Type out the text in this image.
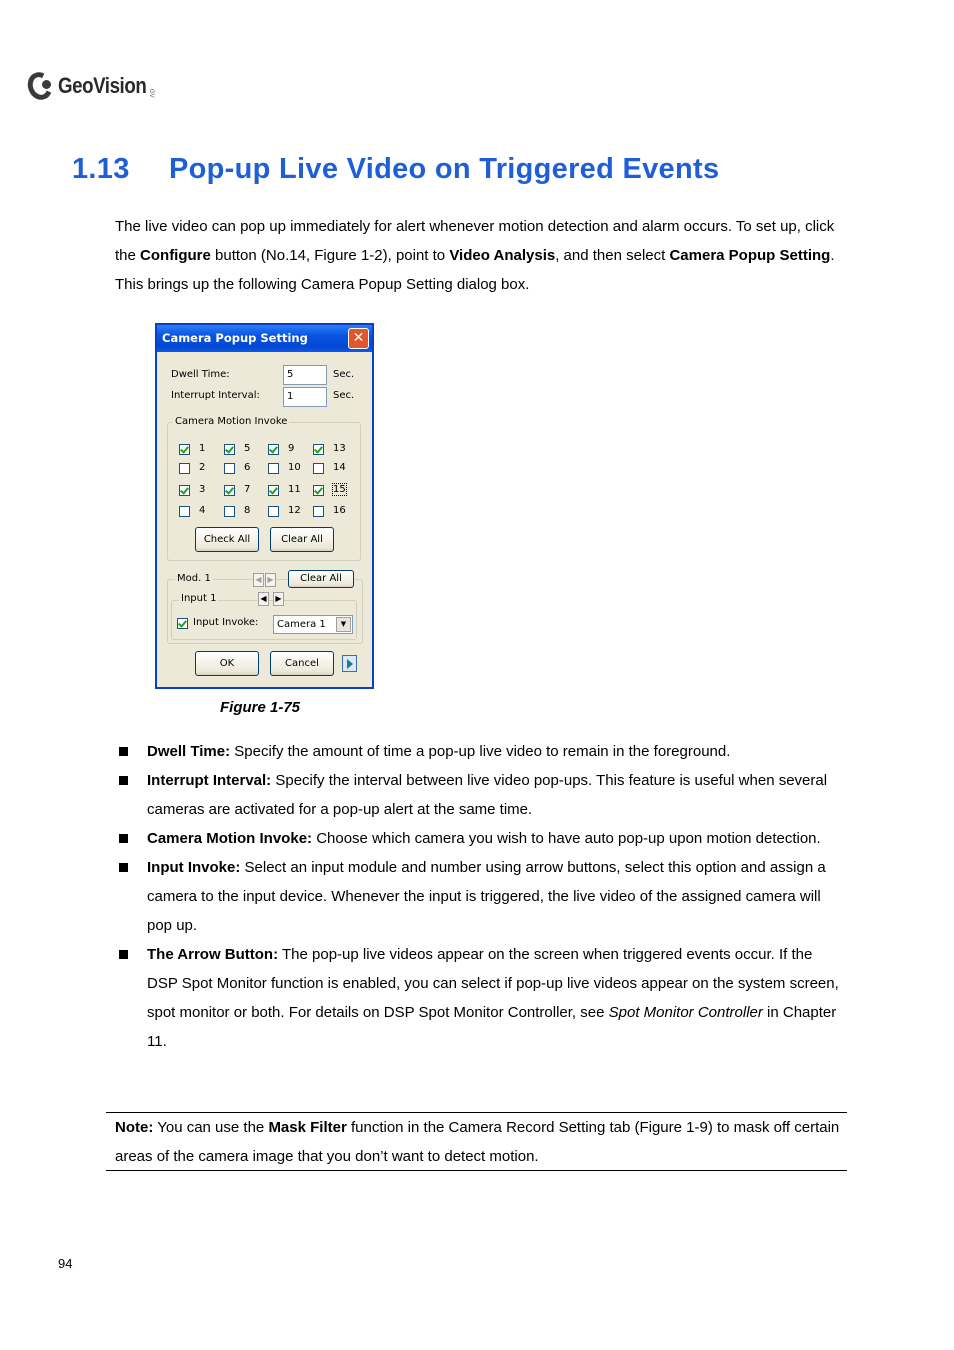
GeoVision GV
1.13 Pop-up Live Video on Triggered Events

The live video can pop up immediately for alert whenever motion detection and alarm occurs. To set up, click the Configure button (No.14, Figure 1-2), point to Video Analysis, and then select Camera Popup Setting. This brings up the following Camera Popup Setting dialog box.

Camera Popup Setting	✕
Dwell Time:	5	Sec.
Interrupt Interval:	1	Sec.
Camera Motion Invoke
Check All	Clear All
Mod. 1	◀ ▶	Clear All
Input 1	◀	▶
Input Invoke:	Camera 1	▼
OK	Cancel
1	5	9	13
2	6	10	14
3	7	11	15
4	8	12	16

Figure 1-75

Dwell Time: Specify the amount of time a pop-up live video to remain in the foreground.
Interrupt Interval: Specify the interval between live video pop-ups. This feature is useful when several cameras are activated for a pop-up alert at the same time.
Camera Motion Invoke: Choose which camera you wish to have auto pop-up upon motion detection.
Input Invoke: Select an input module and number using arrow buttons, select this option and assign a camera to the input device. Whenever the input is triggered, the live video of the assigned camera will pop up.
The Arrow Button: The pop-up live videos appear on the screen when triggered events occur. If the DSP Spot Monitor function is enabled, you can select if pop-up live videos appear on the system screen, spot monitor or both. For details on DSP Spot Monitor Controller, see Spot Monitor Controller in Chapter 11.

Note: You can use the Mask Filter function in the Camera Record Setting tab (Figure 1-9) to mask off certain areas of the camera image that you don’t want to detect motion.

94
